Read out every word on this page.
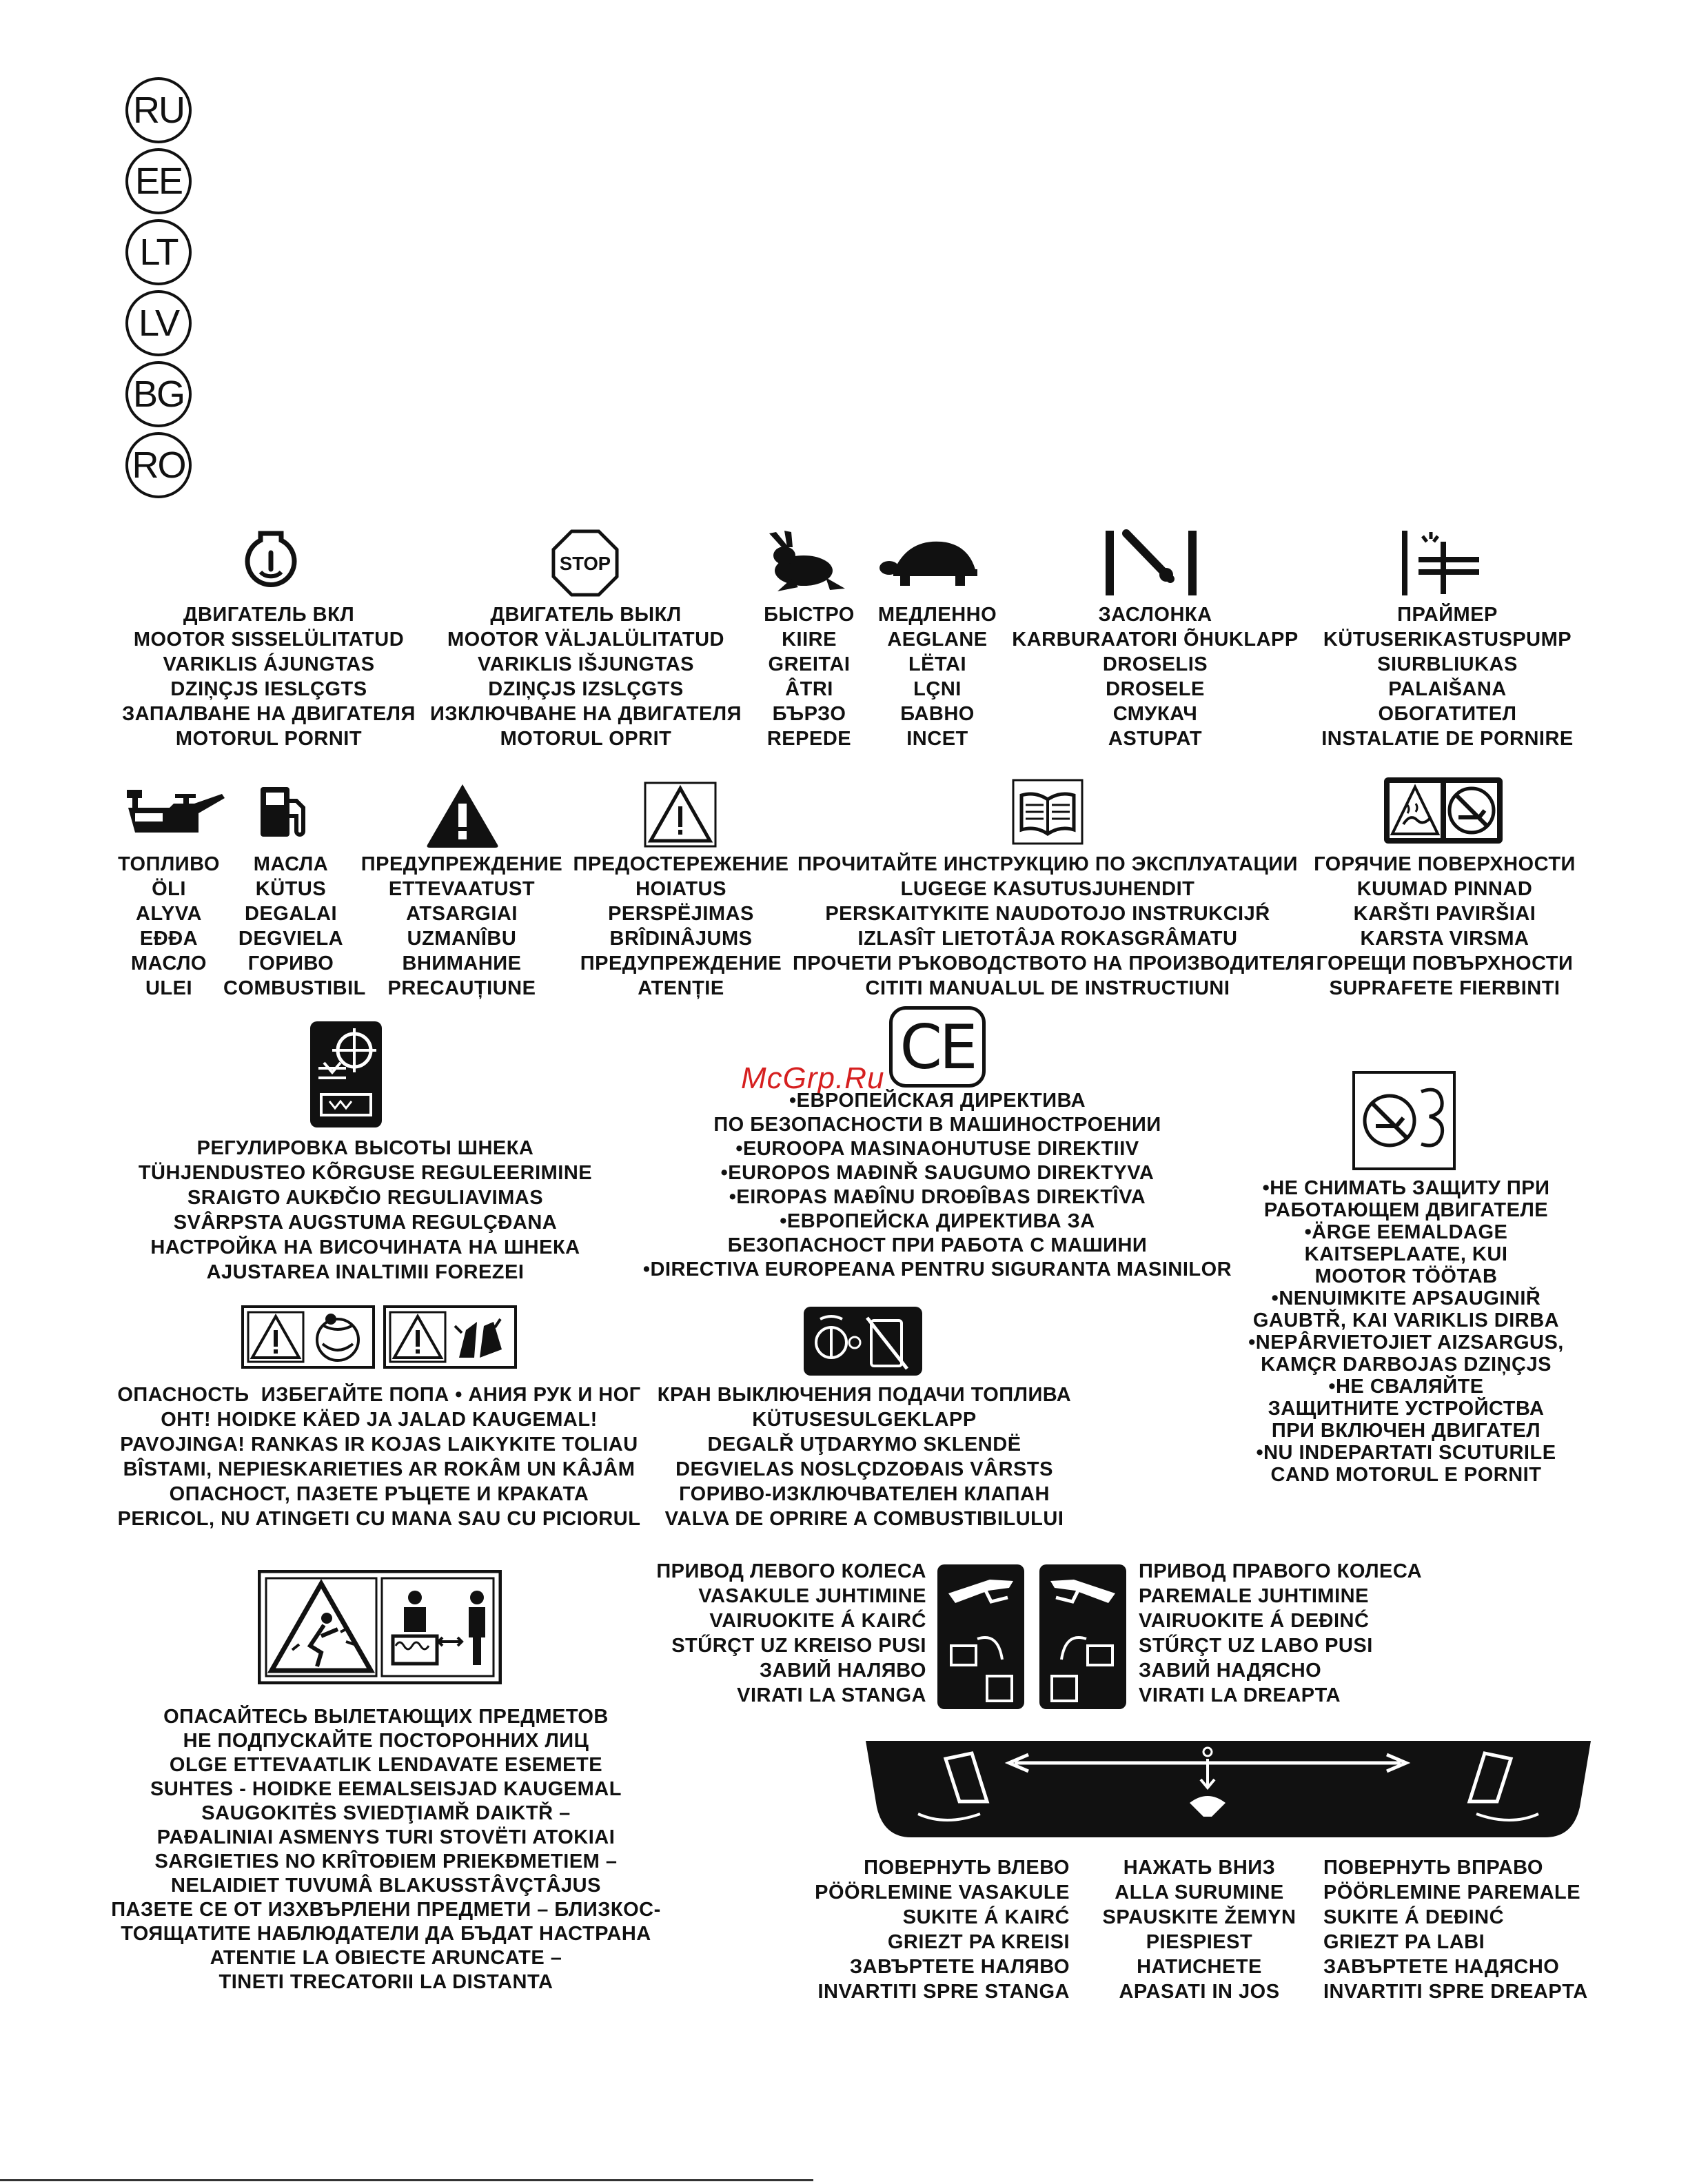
RU
EE
LT
LV
BG
RO
STOP
ДВИГАТЕЛЬ ВКЛ
MOOTOR SISSELÜLITATUD
VARIKLIS ÁJUNGTAS
DZIŅÇJS IESLÇGTS
ЗАПАЛВАНЕ НА ДВИГАТЕЛЯ
MOTORUL PORNIT
ДВИГАТЕЛЬ ВЫКЛ
MOOTOR VÄLJALÜLITATUD
VARIKLIS IŠJUNGTAS
DZIŅÇJS IZSLÇGTS
ИЗКЛЮЧВАНЕ НА ДВИГАТЕЛЯ
MOTORUL OPRIT
БЫСТРО
KIIRE
GREITAI
ÂTRI
БЪРЗО
REPEDE
МЕДЛЕННО
AEGLANE
LËTAI
LÇNI
БАВНО
INCET
ЗАСЛОНКА
KARBURAATORI ÕHUKLAPP
DROSELIS
DROSELE
СМУКАЧ
ASTUPAT
ПРАЙМЕР
KÜTUSERIKASTUSPUMP
SIURBLIUKAS
PALAIŠANA
ОБОГАТИТЕЛ
INSTALATIE DE PORNIRE
ТОПЛИВО
ÖLI
ALYVA
EĐĐA
МАСЛО
ULEI
МАСЛА
KÜTUS
DEGALAI
DEGVIELA
ГОРИВО
COMBUSTIBIL
ПРЕДУПРЕЖДЕНИЕ
ETTEVAATUST
ATSARGIAI
UZMANÎBU
ВНИМАНИЕ
PRECAUȚIUNE
ПРЕДОСТЕРЕЖЕНИЕ
HOIATUS
PERSPËJIMAS
BRÎDINÂJUMS
ПРЕДУПРЕЖДЕНИЕ
ATENȚIE
ПРОЧИТАЙТЕ ИНСТРУКЦИЮ ПО ЭКСПЛУАТАЦИИ
LUGEGE KASUTUSJUHENDIT
PERSKAITYKITE NAUDOTOJO INSTRUKCIJŔ
IZLASÎT LIETOTÂJA ROKASGRÂMATU
ПРОЧЕТИ РЪКОВОДСТВОТО НА ПРОИЗВОДИТЕЛЯ
CITITI MANUALUL DE INSTRUCTIUNI
ГОРЯЧИЕ ПОВЕРХНОСТИ
KUUMAD PINNAD
KARŠTI PAVIRŠIAI
KARSTA VIRSMA
ГОРЕЩИ ПОВЪРХНОСТИ
SUPRAFETE FIERBINTI
РЕГУЛИРОВКА ВЫСОТЫ ШНЕКА
TÜHJENDUSTEO KÕRGUSE REGULEERIMINE
SRAIGTO AUKĐČIO REGULIAVIMAS
SVÂRPSTA AUGSTUMA REGULÇĐANA
НАСТРОЙКА НА ВИСОЧИНАТА НА ШНЕКА
AJUSTAREA INALTIMII FOREZEI
CE
McGrp.Ru
•ЕВРОПЕЙСКАЯ ДИРЕКТИВА
ПО БЕЗОПАСНОСТИ В МАШИНОСТРОЕНИИ
•EUROOPA MASINAOHUTUSE DIREKTIIV
•EUROPOS MAĐINŘ SAUGUMO DIREKTYVA
•EIROPAS MAĐÎNU DROĐÎBAS DIREKTÎVA
•ЕВРОПЕЙСКА ДИРЕКТИВА ЗА
БЕЗОПАСНОСТ ПРИ РАБОТА С МАШИНИ
•DIRECTIVA EUROPEANA PENTRU SIGURANTA MASINILOR
•НЕ СНИМАТЬ ЗАЩИТУ ПРИ
РАБОТАЮЩЕМ ДВИГАТЕЛЕ
•ÄRGE EEMALDAGE
KAITSEPLAATE, KUI
MOOTOR TÖÖTAB
•NENUIMKITE APSAUGINIŘ
GAUBTŘ, KAI VARIKLIS DIRBA
•NEPÂRVIETOJIET AIZSARGUS,
KAMÇR DARBOJAS DZIŅÇJS
•НЕ СВАЛЯЙТЕ
ЗАЩИТНИТЕ УСТРОЙСТВА
ПРИ ВКЛЮЧЕН ДВИГАТЕЛ
•NU INDEPARTATI SCUTURILE
CAND MOTORUL E PORNIT
ОПАСНОСТЬ  ИЗБЕГАЙТЕ ПОПА • АНИЯ РУК И НОГ
OHT! HOIDKE KÄED JA JALAD KAUGEMAL!
PAVOJINGA! RANKAS IR KOJAS LAIKYKITE TOLIAU
BÎSTAMI, NEPIESKARIETIES AR ROKÂM UN KÂJÂM
ОПАСНОСТ, ПАЗЕТЕ РЪЦЕТЕ И КРАКАТА
PERICOL, NU ATINGETI CU MANA SAU CU PICIORUL
КРАН ВЫКЛЮЧЕНИЯ ПОДАЧИ ТОПЛИВА
KÜTUSESULGEKLAPP
DEGALŘ UŢDARYMO SKLENDË
DEGVIELAS NOSLÇDZOĐAIS VÂRSTS
ГОРИВО-ИЗКЛЮЧВАТЕЛЕН КЛАПАН
VALVA DE OPRIRE A COMBUSTIBILULUI
ОПАСАЙТЕСЬ ВЫЛЕТАЮЩИХ ПРЕДМЕТОВ
НЕ ПОДПУСКАЙТЕ ПОСТОРОННИХ ЛИЦ
OLGE ETTEVAATLIK LENDAVATE ESEMETE
SUHTES - HOIDKE EEMALSEISJAD KAUGEMAL
SAUGOKITĖS SVIEDŢIAMŘ DAIKTŘ –
PAĐALINIAI ASMENYS TURI STOVËTI ATOKIAI
SARGIETIES NO KRÎTOĐIEM PRIEKĐMETIEM –
NELAIDIET TUVUMÂ BLAKUSSTÂVÇTÂJUS
ПАЗЕТЕ СЕ ОТ ИЗХВЪРЛЕНИ ПРЕДМЕТИ – БЛИЗКОС-
ТОЯЩАТИТЕ НАБЛЮДАТЕЛИ ДА БЪДАТ НАСТРАНА
ATENTIE LA OBIECTE ARUNCATE –
TINETI TRECATORII LA DISTANTA
ПРИВОД ЛЕВОГО КОЛЕСА
VASAKULE JUHTIMINE
VAIRUOKITE Á KAIRĆ
STŰRÇT UZ KREISO PUSI
ЗАВИЙ НАЛЯВО
VIRATI LA STANGA
ПРИВОД ПРАВОГО КОЛЕСА
PAREMALE JUHTIMINE
VAIRUOKITE Á DEĐINĆ
STŰRÇT UZ LABO PUSI
ЗАВИЙ НАДЯСНО
VIRATI LA DREAPTA
ПОВЕРНУТЬ ВЛЕВО
PÖÖRLEMINE VASAKULE
SUKITE Á KAIRĆ
GRIEZT PA KREISI
ЗАВЪРТЕТЕ НАЛЯВО
INVARTITI SPRE STANGA
НАЖАТЬ ВНИЗ
ALLA SURUMINE
SPAUSKITE ŽEMYN
PIESPIEST
НАТИСНЕТЕ
APASATI IN JOS
ПОВЕРНУТЬ ВПРАВО
PÖÖRLEMINE PAREMALE
SUKITE Á DEĐINĆ
GRIEZT PA LABI
ЗАВЪРТЕТЕ НАДЯСНО
INVARTITI SPRE DREAPTA
